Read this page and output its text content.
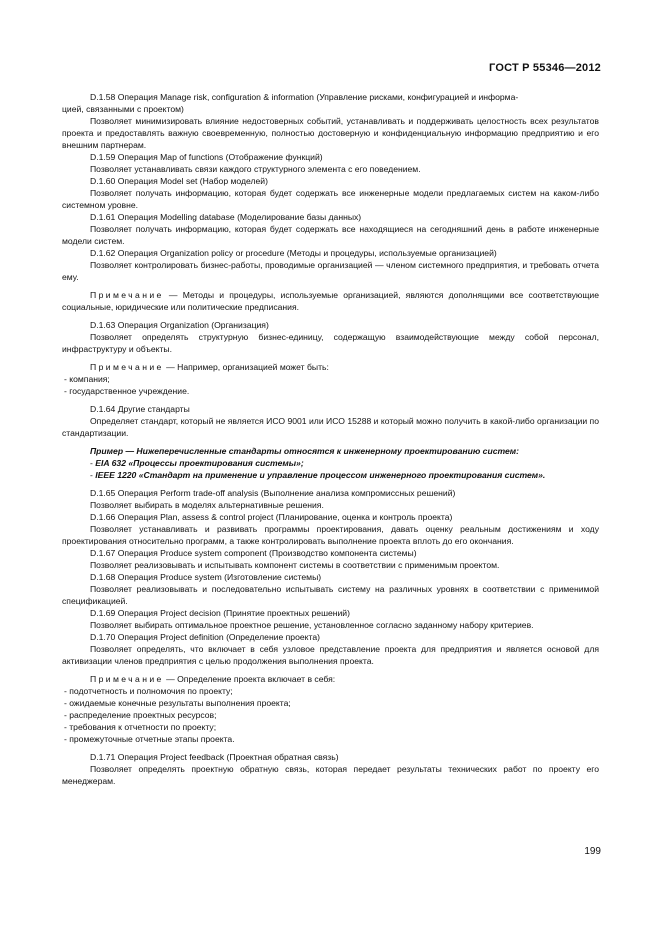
ГОСТ Р 55346—2012

D.1.58 Операция Manage risk, configuration & information (Управление рисками, конфигурацией и информа-

цией, связанными с проектом)

Позволяет минимизировать влияние недостоверных событий, устанавливать и поддерживать целостность всех результатов проекта и предоставлять важную своевременную, полностью достоверную и конфиденциальную информацию предприятию и его внешним партнерам.

D.1.59 Операция Map of functions (Отображение функций)

Позволяет устанавливать связи каждого структурного элемента с его поведением.

D.1.60 Операция Model set (Набор моделей)

Позволяет получать информацию, которая будет содержать все инженерные модели предлагаемых систем на каком-либо системном уровне.

D.1.61 Операция Modelling database (Моделирование базы данных)

Позволяет получать информацию, которая будет содержать все находящиеся на сегодняшний день в работе инженерные модели систем.

D.1.62 Операция Organization policy or procedure (Методы и процедуры, используемые организацией)

Позволяет контролировать бизнес-работы, проводимые организацией — членом системного предприятия, и требовать отчета ему.

Примечание — Методы и процедуры, используемые организацией, являются дополнящими все соответствующие социальные, юридические или политические предписания.

D.1.63 Операция Organization (Организация)

Позволяет определять структурную бизнес-единицу, содержащую взаимодействующие между собой персонал, инфраструктуру и объекты.

Примечание — Например, организацией может быть:

- компания;

- государственное учреждение.

D.1.64 Другие стандарты

Определяет стандарт, который не является ИСО 9001 или ИСО 15288 и который можно получить в какой-либо организации по стандартизации.

Пример — Нижеперечисленные стандарты относятся к инженерному проектированию систем:

- EIA 632 «Процессы проектирования системы»;

- IEEE 1220 «Стандарт на применение и управление процессом инженерного проектирования систем».

D.1.65 Операция Perform trade-off analysis (Выполнение анализа компромиссных решений)

Позволяет выбирать в моделях альтернативные решения.

D.1.66 Операция Plan, assess & control project (Планирование, оценка и контроль проекта)

Позволяет устанавливать и развивать программы проектирования, давать оценку реальным достижениям и ходу проектирования относительно программ, а также контролировать выполнение проекта вплоть до его окончания.

D.1.67 Операция Produce system component (Производство компонента системы)

Позволяет реализовывать и испытывать компонент системы в соответствии с применимым проектом.

D.1.68 Операция Produce system (Изготовление системы)

Позволяет реализовывать и последовательно испытывать систему на различных уровнях в соответствии с применимой спецификацией.

D.1.69 Операция Project decision (Принятие проектных решений)

Позволяет выбирать оптимальное проектное решение, установленное согласно заданному набору критериев.

D.1.70 Операция Project definition (Определение проекта)

Позволяет определять, что включает в себя узловое представление проекта для предприятия и является основой для активизации членов предприятия с целью продолжения выполнения проекта.

Примечание — Определение проекта включает в себя:

- подотчетность и полномочия по проекту;

- ожидаемые конечные результаты выполнения проекта;

- распределение проектных ресурсов;

- требования к отчетности по проекту;

- промежуточные отчетные этапы проекта.

D.1.71 Операция Project feedback (Проектная обратная связь)

Позволяет определять проектную обратную связь, которая передает результаты технических работ по проекту его менеджерам.

199
